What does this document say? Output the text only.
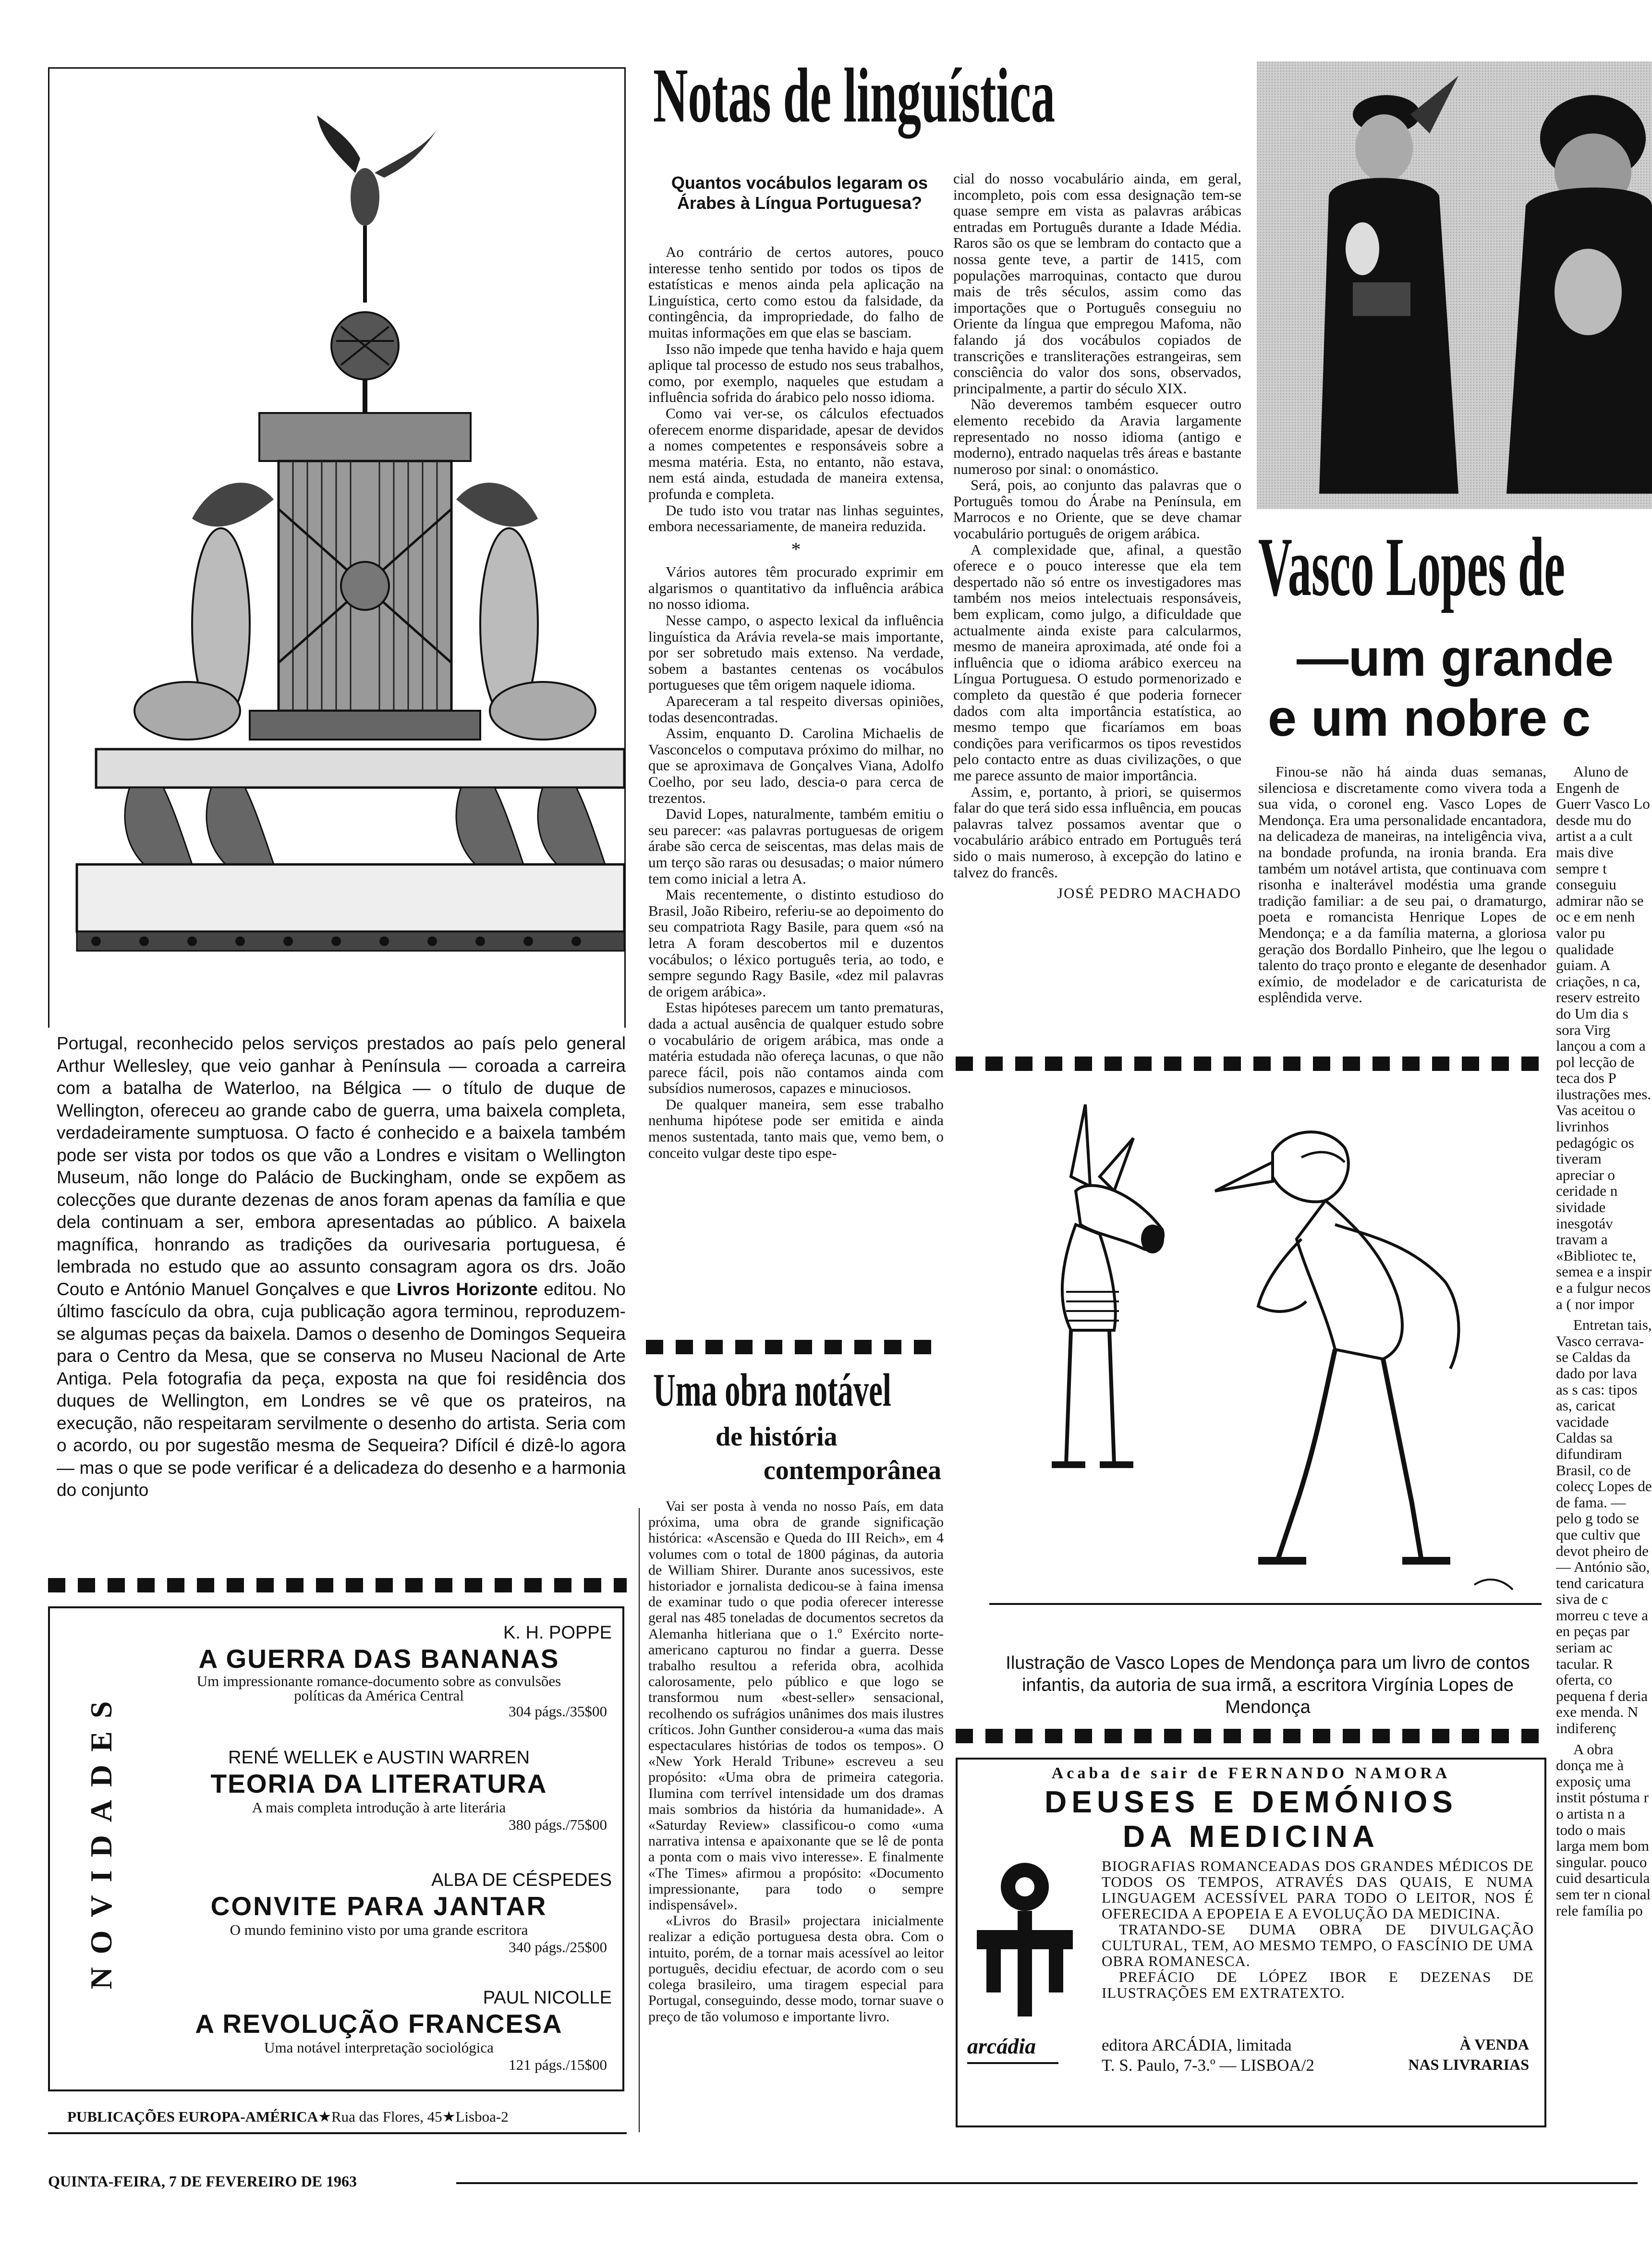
Portugal, reconhecido pelos serviços prestados ao país pelo general Arthur Wellesley, que veio ganhar à Península — coroada a carreira com a batalha de Waterloo, na Bélgica — o título de duque de Wellington, ofereceu ao grande cabo de guerra, uma baixela completa, verdadeiramente sumptuosa. O facto é conhecido e a baixela também pode ser vista por todos os que vão a Londres e visitam o Wellington Museum, não longe do Palácio de Buckingham, onde se expõem as colecções que durante dezenas de anos foram apenas da família e que dela continuam a ser, embora apresentadas ao público. A baixela magnífica, honrando as tradições da ourivesaria portuguesa, é lembrada no estudo que ao assunto consagram agora os drs. João Couto e António Manuel Gonçalves e que Livros Horizonte editou. No último fascículo da obra, cuja publicação agora terminou, reproduzem-se algumas peças da baixela. Damos o desenho de Domingos Sequeira para o Centro da Mesa, que se conserva no Museu Nacional de Arte Antiga. Pela fotografia da peça, exposta na que foi residência dos duques de Wellington, em Londres se vê que os prateiros, na execução, não respeitaram servilmente o desenho do artista. Seria com o acordo, ou por sugestão mesma de Sequeira? Difícil é dizê-lo agora — mas o que se pode verificar é a delicadeza do desenho e a harmonia do conjunto
NOVIDADES
K. H. POPPE
A GUERRA DAS BANANAS
Um impressionante romance-documento sobre as convulsões políticas da América Central
304 págs./35$00
RENÉ WELLEK e AUSTIN WARREN
TEORIA DA LITERATURA
A mais completa introdução à arte literária
380 págs./75$00
ALBA DE CÉSPEDES
CONVITE PARA JANTAR
O mundo feminino visto por uma grande escritora
340 págs./25$00
PAUL NICOLLE
A REVOLUÇÃO FRANCESA
Uma notável interpretação sociológica
121 págs./15$00
PUBLICAÇÕES EUROPA-AMÉRICA★Rua das Flores, 45★Lisboa-2
QUINTA-FEIRA, 7 DE FEVEREIRO DE 1963
Notas de linguística
Quantos vocábulos legaram os Árabes à Língua Portuguesa?

Ao contrário de certos autores, pouco interesse tenho sentido por todos os tipos de estatísticas e menos ainda pela aplicação na Linguística, certo como estou da falsidade, da contingência, da impropriedade, do falho de muitas informações em que elas se basciam.

Isso não impede que tenha havido e haja quem aplique tal processo de estudo nos seus trabalhos, como, por exemplo, naqueles que estudam a influência sofrida do árabico pelo nosso idioma.

Como vai ver-se, os cálculos efectuados oferecem enorme disparidade, apesar de devidos a nomes competentes e responsáveis sobre a mesma matéria. Esta, no entanto, não estava, nem está ainda, estudada de maneira extensa, profunda e completa.

De tudo isto vou tratar nas linhas seguintes, embora necessariamente, de maneira reduzida.

*

Vários autores têm procurado exprimir em algarismos o quantitativo da influência arábica no nosso idioma.

Nesse campo, o aspecto lexical da influência linguística da Arávia revela-se mais importante, por ser sobretudo mais extenso. Na verdade, sobem a bastantes centenas os vocábulos portugueses que têm origem naquele idioma.

Apareceram a tal respeito diversas opiniões, todas desencontradas.

Assim, enquanto D. Carolina Michaelis de Vasconcelos o computava próximo do milhar, no que se aproximava de Gonçalves Viana, Adolfo Coelho, por seu lado, descia-o para cerca de trezentos.

David Lopes, naturalmente, também emitiu o seu parecer: «as palavras portuguesas de origem árabe são cerca de seiscentas, mas delas mais de um terço são raras ou desusadas; o maior número tem como inicial a letra A.

Mais recentemente, o distinto estudioso do Brasil, João Ribeiro, referiu-se ao depoimento do seu compatriota Ragy Basile, para quem «só na letra A foram descobertos mil e duzentos vocábulos; o léxico português teria, ao todo, e sempre segundo Ragy Basile, «dez mil palavras de origem arábica».

Estas hipóteses parecem um tanto prematuras, dada a actual ausência de qualquer estudo sobre o vocabulário de origem arábica, mas onde a matéria estudada não ofereça lacunas, o que não parece fácil, pois não contamos ainda com subsídios numerosos, capazes e minuciosos.

De qualquer maneira, sem esse trabalho nenhuma hipótese pode ser emitida e ainda menos sustentada, tanto mais que, vemo bem, o conceito vulgar deste tipo espe-

cial do nosso vocabulário ainda, em geral, incompleto, pois com essa designação tem-se quase sempre em vista as palavras arábicas entradas em Português durante a Idade Média. Raros são os que se lembram do contacto que a nossa gente teve, a partir de 1415, com populações marroquinas, contacto que durou mais de três séculos, assim como das importações que o Português conseguiu no Oriente da língua que empregou Mafoma, não falando já dos vocábulos copiados de transcrições e transliterações estrangeiras, sem consciência do valor dos sons, observados, principalmente, a partir do século XIX.

Não deveremos também esquecer outro elemento recebido da Aravia largamente representado no nosso idioma (antigo e moderno), entrado naquelas três áreas e bastante numeroso por sinal: o onomástico.

Será, pois, ao conjunto das palavras que o Português tomou do Árabe na Península, em Marrocos e no Oriente, que se deve chamar vocabulário português de origem arábica.

A complexidade que, afinal, a questão oferece e o pouco interesse que ela tem despertado não só entre os investigadores mas também nos meios intelectuais responsáveis, bem explicam, como julgo, a dificuldade que actualmente ainda existe para calcularmos, mesmo de maneira aproximada, até onde foi a influência que o idioma arábico exerceu na Língua Portuguesa. O estudo pormenorizado e completo da questão é que poderia fornecer dados com alta importância estatística, ao mesmo tempo que ficaríamos em boas condições para verificarmos os tipos revestidos pelo contacto entre as duas civilizações, o que me parece assunto de maior importância.

Assim, e, portanto, à priori, se quisermos falar do que terá sido essa influência, em poucas palavras talvez possamos aventar que o vocabulário arábico entrado em Português terá sido o mais numeroso, à excepção do latino e talvez do francês.

JOSÉ PEDRO MACHADO
Uma obra notável
de história
contemporânea

Vai ser posta à venda no nosso País, em data próxima, uma obra de grande significação histórica: «Ascensão e Queda do III Reich», em 4 volumes com o total de 1800 páginas, da autoria de William Shirer. Durante anos sucessivos, este historiador e jornalista dedicou-se à faina imensa de examinar tudo o que podia oferecer interesse geral nas 485 toneladas de documentos secretos da Alemanha hitleriana que o 1.º Exército norte-americano capturou no findar a guerra. Desse trabalho resultou a referida obra, acolhida calorosamente, pelo público e que logo se transformou num «best-seller» sensacional, recolhendo os sufrágios unânimes dos mais ilustres críticos. John Gunther considerou-a «uma das mais espectaculares histórias de todos os tempos». O «New York Herald Tribune» escreveu a seu propósito: «Uma obra de primeira categoria. Ilumina com terrível intensidade um dos dramas mais sombrios da história da humanidade». A «Saturday Review» classificou-o como «uma narrativa intensa e apaixonante que se lê de ponta a ponta com o mais vivo interesse». E finalmente «The Times» afirmou a propósito: «Documento impressionante, para todo o sempre indispensável».

«Livros do Brasil» projectara inicialmente realizar a edição portuguesa desta obra. Com o intuito, porém, de a tornar mais acessível ao leitor português, decidiu efectuar, de acordo com o seu colega brasileiro, uma tiragem especial para Portugal, conseguindo, desse modo, tornar suave o preço de tão volumoso e importante livro.

Vasco Lopes de
—um grande
e um nobre c
Finou-se não há ainda duas semanas, silenciosa e discretamente como vivera toda a sua vida, o coronel eng. Vasco Lopes de Mendonça. Era uma personalidade encantadora, na delicadeza de maneiras, na inteligência viva, na bondade profunda, na ironia branda. Era também um notável artista, que continuava com risonha e inalterável modéstia uma grande tradição familiar: a de seu pai, o dramaturgo, poeta e romancista Henrique Lopes de Mendonça; e a da família materna, a gloriosa geração dos Bordallo Pinheiro, que lhe legou o talento do traço pronto e elegante de desenhador exímio, de modelador e de caricaturista de esplêndida verve.

Aluno de Engenh de Guerr Vasco Lo desde mu do artist a a cult mais dive sempre t conseguiu admirar não se oc e em nenh valor pu qualidade guiam. A criações, n ca, reserv estreito do Um dia s sora Virg lançou a com a pol lecção de teca dos P ilustrações mes. Vas aceitou o livrinhos pedagógic os tiveram apreciar o ceridade n sividade inesgotáv travam a «Bibliotec te, semea e a inspir e a fulgur necos a ( nor impor

Entretan tais, Vasco cerrava-se Caldas da dado por lava as s cas: tipos as, caricat vacidade Caldas sa difundiram Brasil, co de colecç Lopes de de fama. — pelo g todo se que cultiv que devot pheiro de — António são, tend caricatura siva de c morreu c teve a en peças par seriam ac tacular. R oferta, co pequena f deria exe menda. N indiferenç

A obra donça me à exposiç uma instit póstuma r o artista n a todo o mais larga mem bom singular. pouco cuid desarticula sem ter n cional rele família po

Ilustração de Vasco Lopes de Mendonça para um livro de contos infantis, da autoria de sua irmã, a escritora Virgínia Lopes de Mendonça
Acaba de sair de FERNANDO NAMORA
DEUSES E DEMÓNIOS
DA MEDICINA

BIOGRAFIAS ROMANCEADAS DOS GRANDES MÉDICOS DE TODOS OS TEMPOS, ATRAVÉS DAS QUAIS, E NUMA LINGUAGEM ACESSÍVEL PARA TODO O LEITOR, NOS É OFERECIDA A EPOPEIA E A EVOLUÇÃO DA MEDICINA.

TRATANDO-SE DUMA OBRA DE DIVULGAÇÃO CULTURAL, TEM, AO MESMO TEMPO, O FASCÍNIO DE UMA OBRA ROMANESCA.

PREFÁCIO DE LÓPEZ IBOR E DEZENAS DE ILUSTRAÇÕES EM EXTRATEXTO.

arcádia	editora ARCÁDIA, limitada
T. S. Paulo, 7-3.º — LISBOA/2
À VENDA
NAS LIVRARIAS
